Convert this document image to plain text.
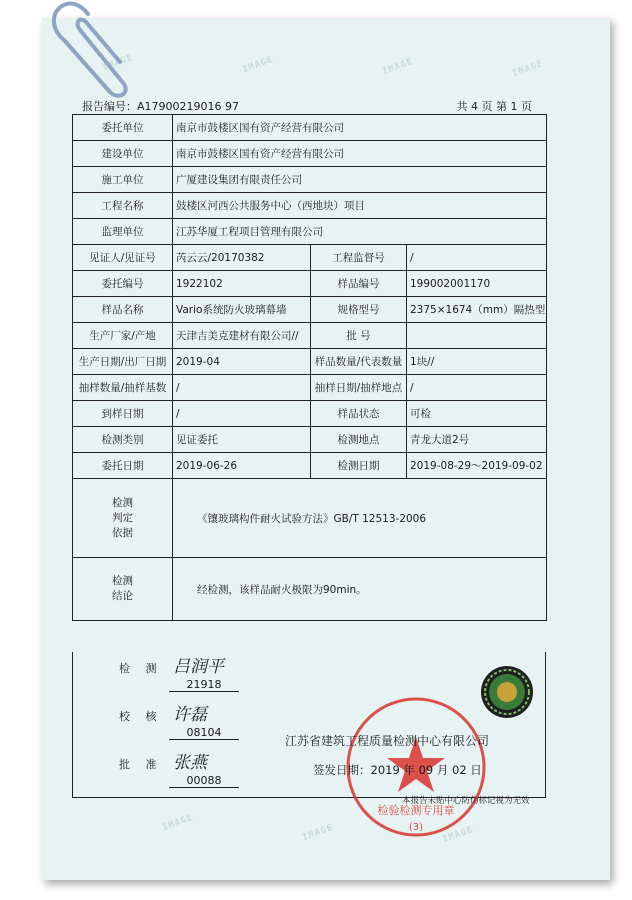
IMAGE	IMAGE	IMAGE	IMAGE
IMAGE	IMAGE	IMAGE
报告编号：A17900219016 97	共 4 页 第 1 页
委托单位	南京市鼓楼区国有资产经营有限公司		
建设单位	南京市鼓楼区国有资产经营有限公司		
施工单位	广厦建设集团有限责任公司		
工程名称	鼓楼区河西公共服务中心（西地块）项目		
监理单位	江苏华厦工程项目管理有限公司		
见证人/见证号	芮云云/20170382	工程监督号	/
委托编号	1922102	样品编号	199002001170
样品名称	Vario系统防火玻璃幕墙	规格型号	2375×1674（mm）隔热型
生产厂家/产地	天津吉美克建材有限公司//	批 号	
生产日期/出厂日期	2019-04	样品数量/代表数量	1块//
抽样数量/抽样基数	/	抽样日期/抽样地点	/
到样日期	/	样品状态	可检
检测类别	见证委托	检测地点	青龙大道2号
委托日期	2019-06-26	检测日期	2019-08-29～2019-09-02

检测
判定
依据	《镶玻璃构件耐火试验方法》GB/T 12513-2006		

检测
结论	经检测，该样品耐火极限为90min。		
检 测 吕润平
21918
校 核 许磊
08104
批 准 张燕
00088
检验检测专用章
(3)
江苏省建筑工程质量检测中心有限公司
签发日期：2019 年 09 月 02 日
本报告未贴中心防伪标记视为无效
